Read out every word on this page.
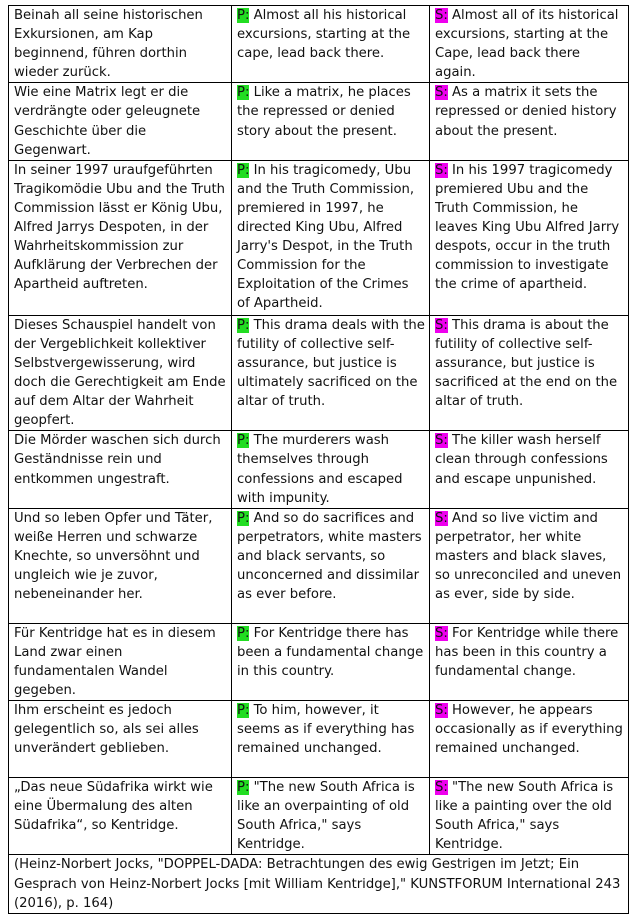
Beinah all seine historischen Exkursionen, am Kap beginnend, führen dorthin wieder zurück.	P: Almost all his historical excursions, starting at the cape, lead back there.	S: Almost all of its historical excursions, starting at the Cape, lead back there again.
Wie eine Matrix legt er die verdrängte oder geleugnete Geschichte über die Gegenwart.	P: Like a matrix, he places the repressed or denied story about the present.	S: As a matrix it sets the repressed or denied history about the present.
In seiner 1997 uraufgeführten Tragikomödie Ubu and the Truth Commission lässt er König Ubu, Alfred Jarrys Despoten, in der Wahrheitskommission zur Aufklärung der Verbrechen der Apartheid auftreten.	P: In his tragicomedy, Ubu and the Truth Commission, premiered in 1997, he directed King Ubu, Alfred Jarry's Despot, in the Truth Commission for the Exploitation of the Crimes of Apartheid.	S: In his 1997 tragicomedy premiered Ubu and the Truth Commission, he leaves King Ubu Alfred Jarry despots, occur in the truth commission to investigate the crime of apartheid.
Dieses Schauspiel handelt von der Vergeblichkeit kollektiver Selbstvergewisserung, wird doch die Gerechtigkeit am Ende auf dem Altar der Wahrheit geopfert.	P: This drama deals with the futility of collective self-assurance, but justice is ultimately sacrificed on the altar of truth.	S: This drama is about the futility of collective self-assurance, but justice is sacrificed at the end on the altar of truth.
Die Mörder waschen sich durch Geständnisse rein und entkommen ungestraft.	P: The murderers wash themselves through confessions and escaped with impunity.	S: The killer wash herself clean through confessions and escape unpunished.
Und so leben Opfer und Täter, weiße Herren und schwarze Knechte, so unversöhnt und ungleich wie je zuvor, nebeneinander her.	P: And so do sacrifices and perpetrators, white masters and black servants, so unconcerned and dissimilar as ever before.	S: And so live victim and perpetrator, her white masters and black slaves, so unreconciled and uneven as ever, side by side.
Für Kentridge hat es in diesem Land zwar einen fundamentalen Wandel gegeben.	P: For Kentridge there has been a fundamental change in this country.	S: For Kentridge while there has been in this country a fundamental change.
Ihm erscheint es jedoch gelegentlich so, als sei alles unverändert geblieben.	P: To him, however, it seems as if everything has remained unchanged.	S: However, he appears occasionally as if everything remained unchanged.
„Das neue Südafrika wirkt wie eine Übermalung des alten Südafrika“, so Kentridge.	P: "The new South Africa is like an overpainting of old South Africa," says Kentridge.	S: "The new South Africa is like a painting over the old South Africa," says Kentridge.
(Heinz-Norbert Jocks, "DOPPEL-DADA: Betrachtungen des ewig Gestrigen im Jetzt; Ein Gesprach von Heinz-Norbert Jocks [mit William Kentridge]," KUNSTFORUM International 243 (2016), p. 164)		
